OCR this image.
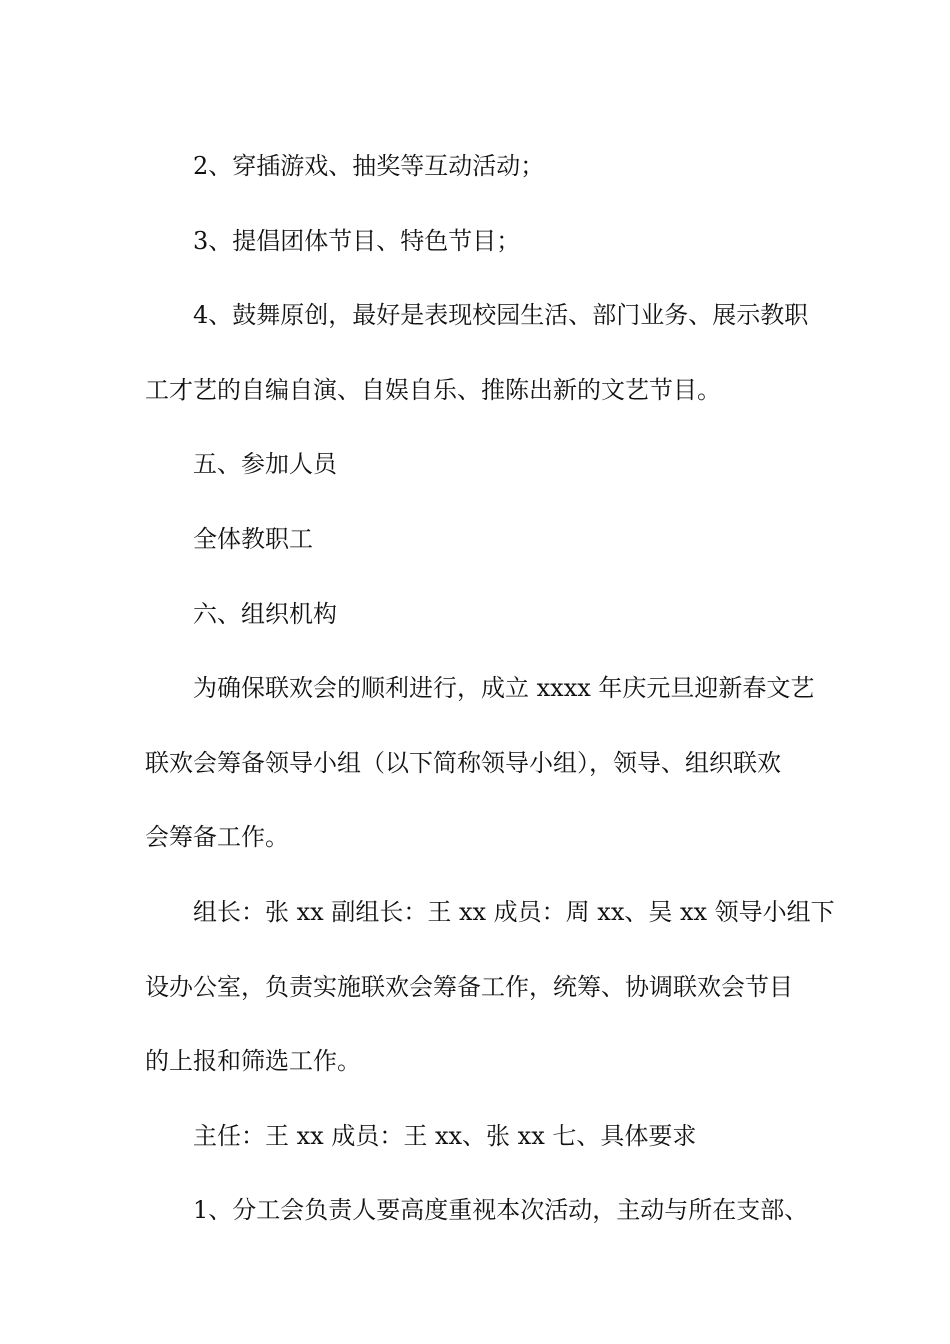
2、穿插游戏、抽奖等互动活动；

3、提倡团体节目、特色节目；

4、鼓舞原创，最好是表现校园生活、部门业务、展示教职

工才艺的自编自演、自娱自乐、推陈出新的文艺节目。

五、参加人员

全体教职工

六、组织机构

为确保联欢会的顺利进行，成立 xxxx 年庆元旦迎新春文艺

联欢会筹备领导小组（以下简称领导小组），领导、组织联欢

会筹备工作。

组长：张 xx 副组长：王 xx 成员：周 xx、吴 xx 领导小组下

设办公室，负责实施联欢会筹备工作，统筹、协调联欢会节目

的上报和筛选工作。

主任：王 xx 成员：王 xx、张 xx 七、具体要求

1、分工会负责人要高度重视本次活动，主动与所在支部、
